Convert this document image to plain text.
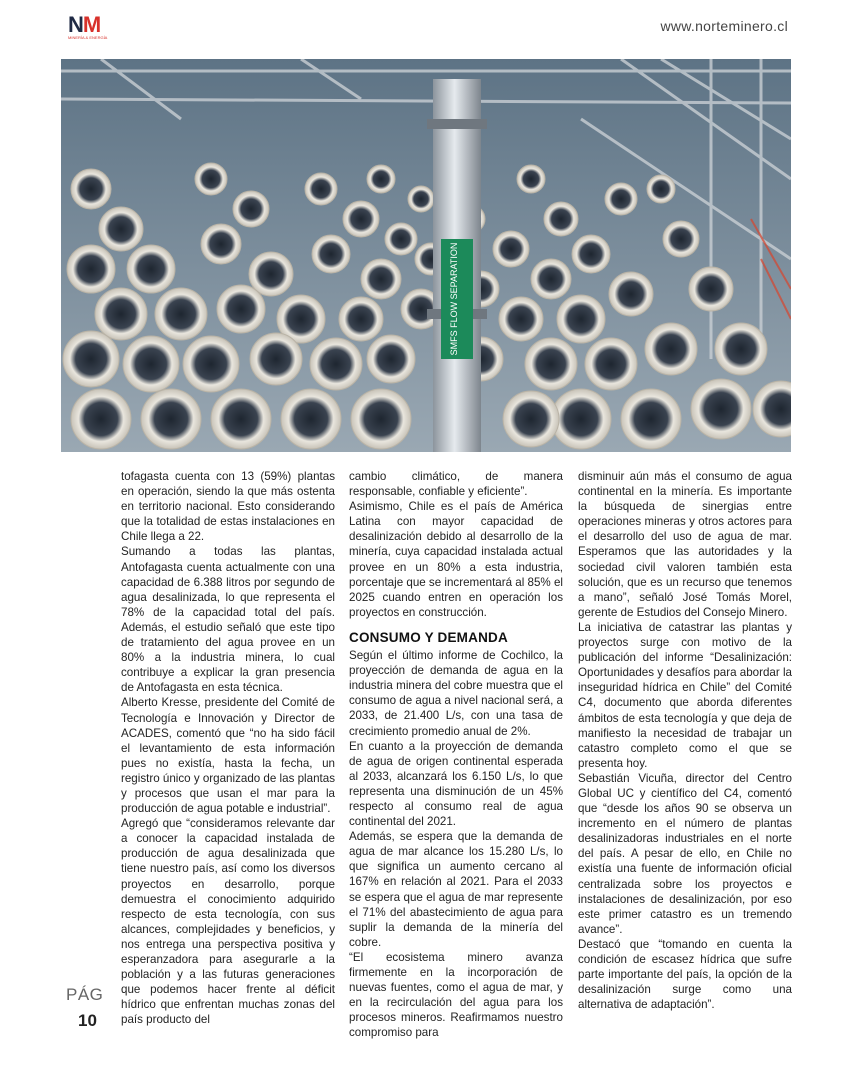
NM
MINERÍA & ENERGÍA
www.norteminero.cl
SMFS FLOW SEPARATION

tofagasta cuenta con 13 (59%) plantas en operación, siendo la que más ostenta en territorio nacional. Esto considerando que la totalidad de estas instalaciones en Chile llega a 22.

Sumando a todas las plantas, Antofagasta cuenta actualmente con una capacidad de 6.388 litros por segundo de agua desalinizada, lo que representa el 78% de la capacidad total del país. Además, el estudio señaló que este tipo de tratamiento del agua provee en un 80% a la industria minera, lo cual contribuye a explicar la gran presencia de Antofagasta en esta técnica.

Alberto Kresse, presidente del Comité de Tecnología e Innovación y Director de ACADES, comentó que “no ha sido fácil el levantamiento de esta información pues no existía, hasta la fecha, un registro único y organizado de las plantas y procesos que usan el mar para la producción de agua potable e industrial”.

Agregó que “consideramos relevante dar a conocer la capacidad instalada de producción de agua desalinizada que tiene nuestro país, así como los diversos proyectos en desarrollo, porque demuestra el conocimiento adquirido respecto de esta tecnología, con sus alcances, complejidades y beneficios, y nos entrega una perspectiva positiva y esperanzadora para asegurarle a la población y a las futuras generaciones que podemos hacer frente al déficit hídrico que enfrentan muchas zonas del país producto del

cambio climático, de manera responsable, confiable y eficiente”.

Asimismo, Chile es el país de América Latina con mayor capacidad de desalinización debido al desarrollo de la minería, cuya capacidad instalada actual provee en un 80% a esta industria, porcentaje que se incrementará al 85% el 2025 cuando entren en operación los proyectos en construcción.

CONSUMO Y DEMANDA

Según el último informe de Cochilco, la proyección de demanda de agua en la industria minera del cobre muestra que el consumo de agua a nivel nacional será, a 2033, de 21.400 L/s, con una tasa de crecimiento promedio anual de 2%.

En cuanto a la proyección de demanda de agua de origen continental esperada al 2033, alcanzará los 6.150 L/s, lo que representa una disminución de un 45% respecto al consumo real de agua continental del 2021.

Además, se espera que la demanda de agua de mar alcance los 15.280 L/s, lo que significa un aumento cercano al 167% en relación al 2021. Para el 2033 se espera que el agua de mar represente el 71% del abastecimiento de agua para suplir la demanda de la minería del cobre.

“El ecosistema minero avanza firmemente en la incorporación de nuevas fuentes, como el agua de mar, y en la recirculación del agua para los procesos mineros. Reafirmamos nuestro compromiso para

disminuir aún más el consumo de agua continental en la minería. Es importante la búsqueda de sinergias entre operaciones mineras y otros actores para el desarrollo del uso de agua de mar. Esperamos que las autoridades y la sociedad civil valoren también esta solución, que es un recurso que tenemos a mano”, señaló José Tomás Morel, gerente de Estudios del Consejo Minero.

La iniciativa de catastrar las plantas y proyectos surge con motivo de la publicación del informe “Desalinización: Oportunidades y desafíos para abordar la inseguridad hídrica en Chile” del Comité C4, documento que aborda diferentes ámbitos de esta tecnología y que deja de manifiesto la necesidad de trabajar un catastro completo como el que se presenta hoy.

Sebastián Vicuña, director del Centro Global UC y científico del C4, comentó que “desde los años 90 se observa un incremento en el número de plantas desalinizadoras industriales en el norte del país. A pesar de ello, en Chile no existía una fuente de información oficial centralizada sobre los proyectos e instalaciones de desalinización, por eso este primer catastro es un tremendo avance”.

Destacó que “tomando en cuenta la condición de escasez hídrica que sufre parte importante del país, la opción de la desalinización surge como una alternativa de adaptación”.

PÁG
10
